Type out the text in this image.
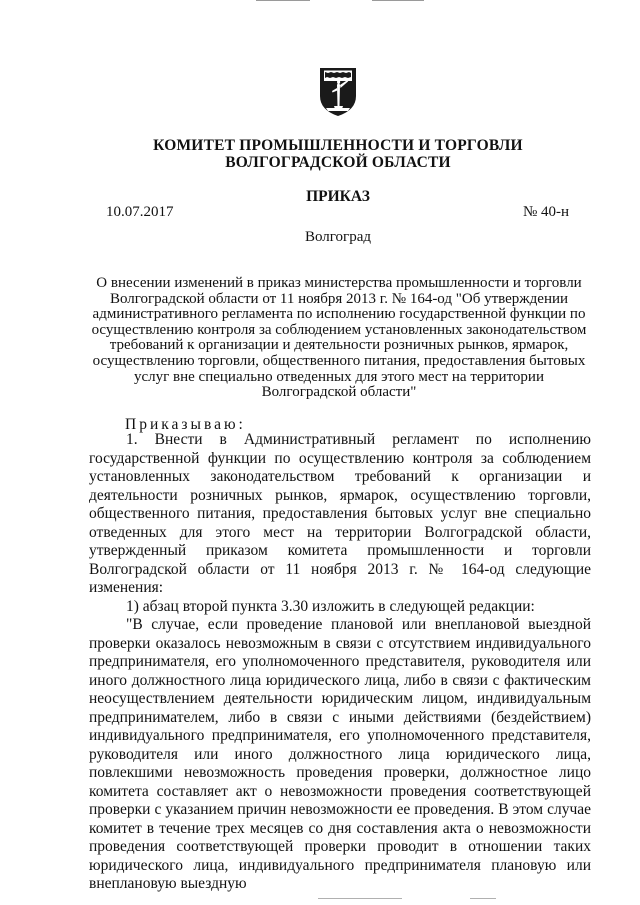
КОМИТЕТ ПРОМЫШЛЕННОСТИ И ТОРГОВЛИ
ВОЛГОГРАДСКОЙ ОБЛАСТИ
ПРИКАЗ
10.07.2017	№ 40-н
Волгоград
О внесении изменений в приказ министерства промышленности и торговли Волгоградской области от 11 ноября 2013 г. № 164-од "Об утверждении административного регламента по исполнению государственной функции по осуществлению контроля за соблюдением установленных законодательством требований к организации и деятельности розничных рынков, ярмарок, осуществлению торговли, общественного питания, предоставления бытовых услуг вне специально отведенных для этого мест на территории Волгоградской области"
Приказываю:

1. Внести в Административный регламент по исполнению государственной функции по осуществлению контроля за соблюдением установленных законодательством требований к организации и деятельности розничных рынков, ярмарок, осуществлению торговли, общественного питания, предоставления бытовых услуг вне специально отведенных для этого мест на территории Волгоградской области, утвержденный приказом комитета промышленности и торговли Волгоградской области от 11 ноября 2013 г. № 164-од следующие изменения:

1) абзац второй пункта 3.30 изложить в следующей редакции:

"В случае, если проведение плановой или внеплановой выездной проверки оказалось невозможным в связи с отсутствием индивидуального предпринимателя, его уполномоченного представителя, руководителя или иного должностного лица юридического лица, либо в связи с фактическим неосуществлением деятельности юридическим лицом, индивидуальным предпринимателем, либо в связи с иными действиями (бездействием) индивидуального предпринимателя, его уполномоченного представителя, руководителя или иного должностного лица юридического лица, повлекшими невозможность проведения проверки, должностное лицо комитета составляет акт о невозможности проведения соответствующей проверки с указанием причин невозможности ее проведения. В этом случае комитет в течение трех месяцев со дня составления акта о невозможности проведения соответствующей проверки проводит в отношении таких юридического лица, индивидуального предпринимателя плановую или внеплановую выездную
